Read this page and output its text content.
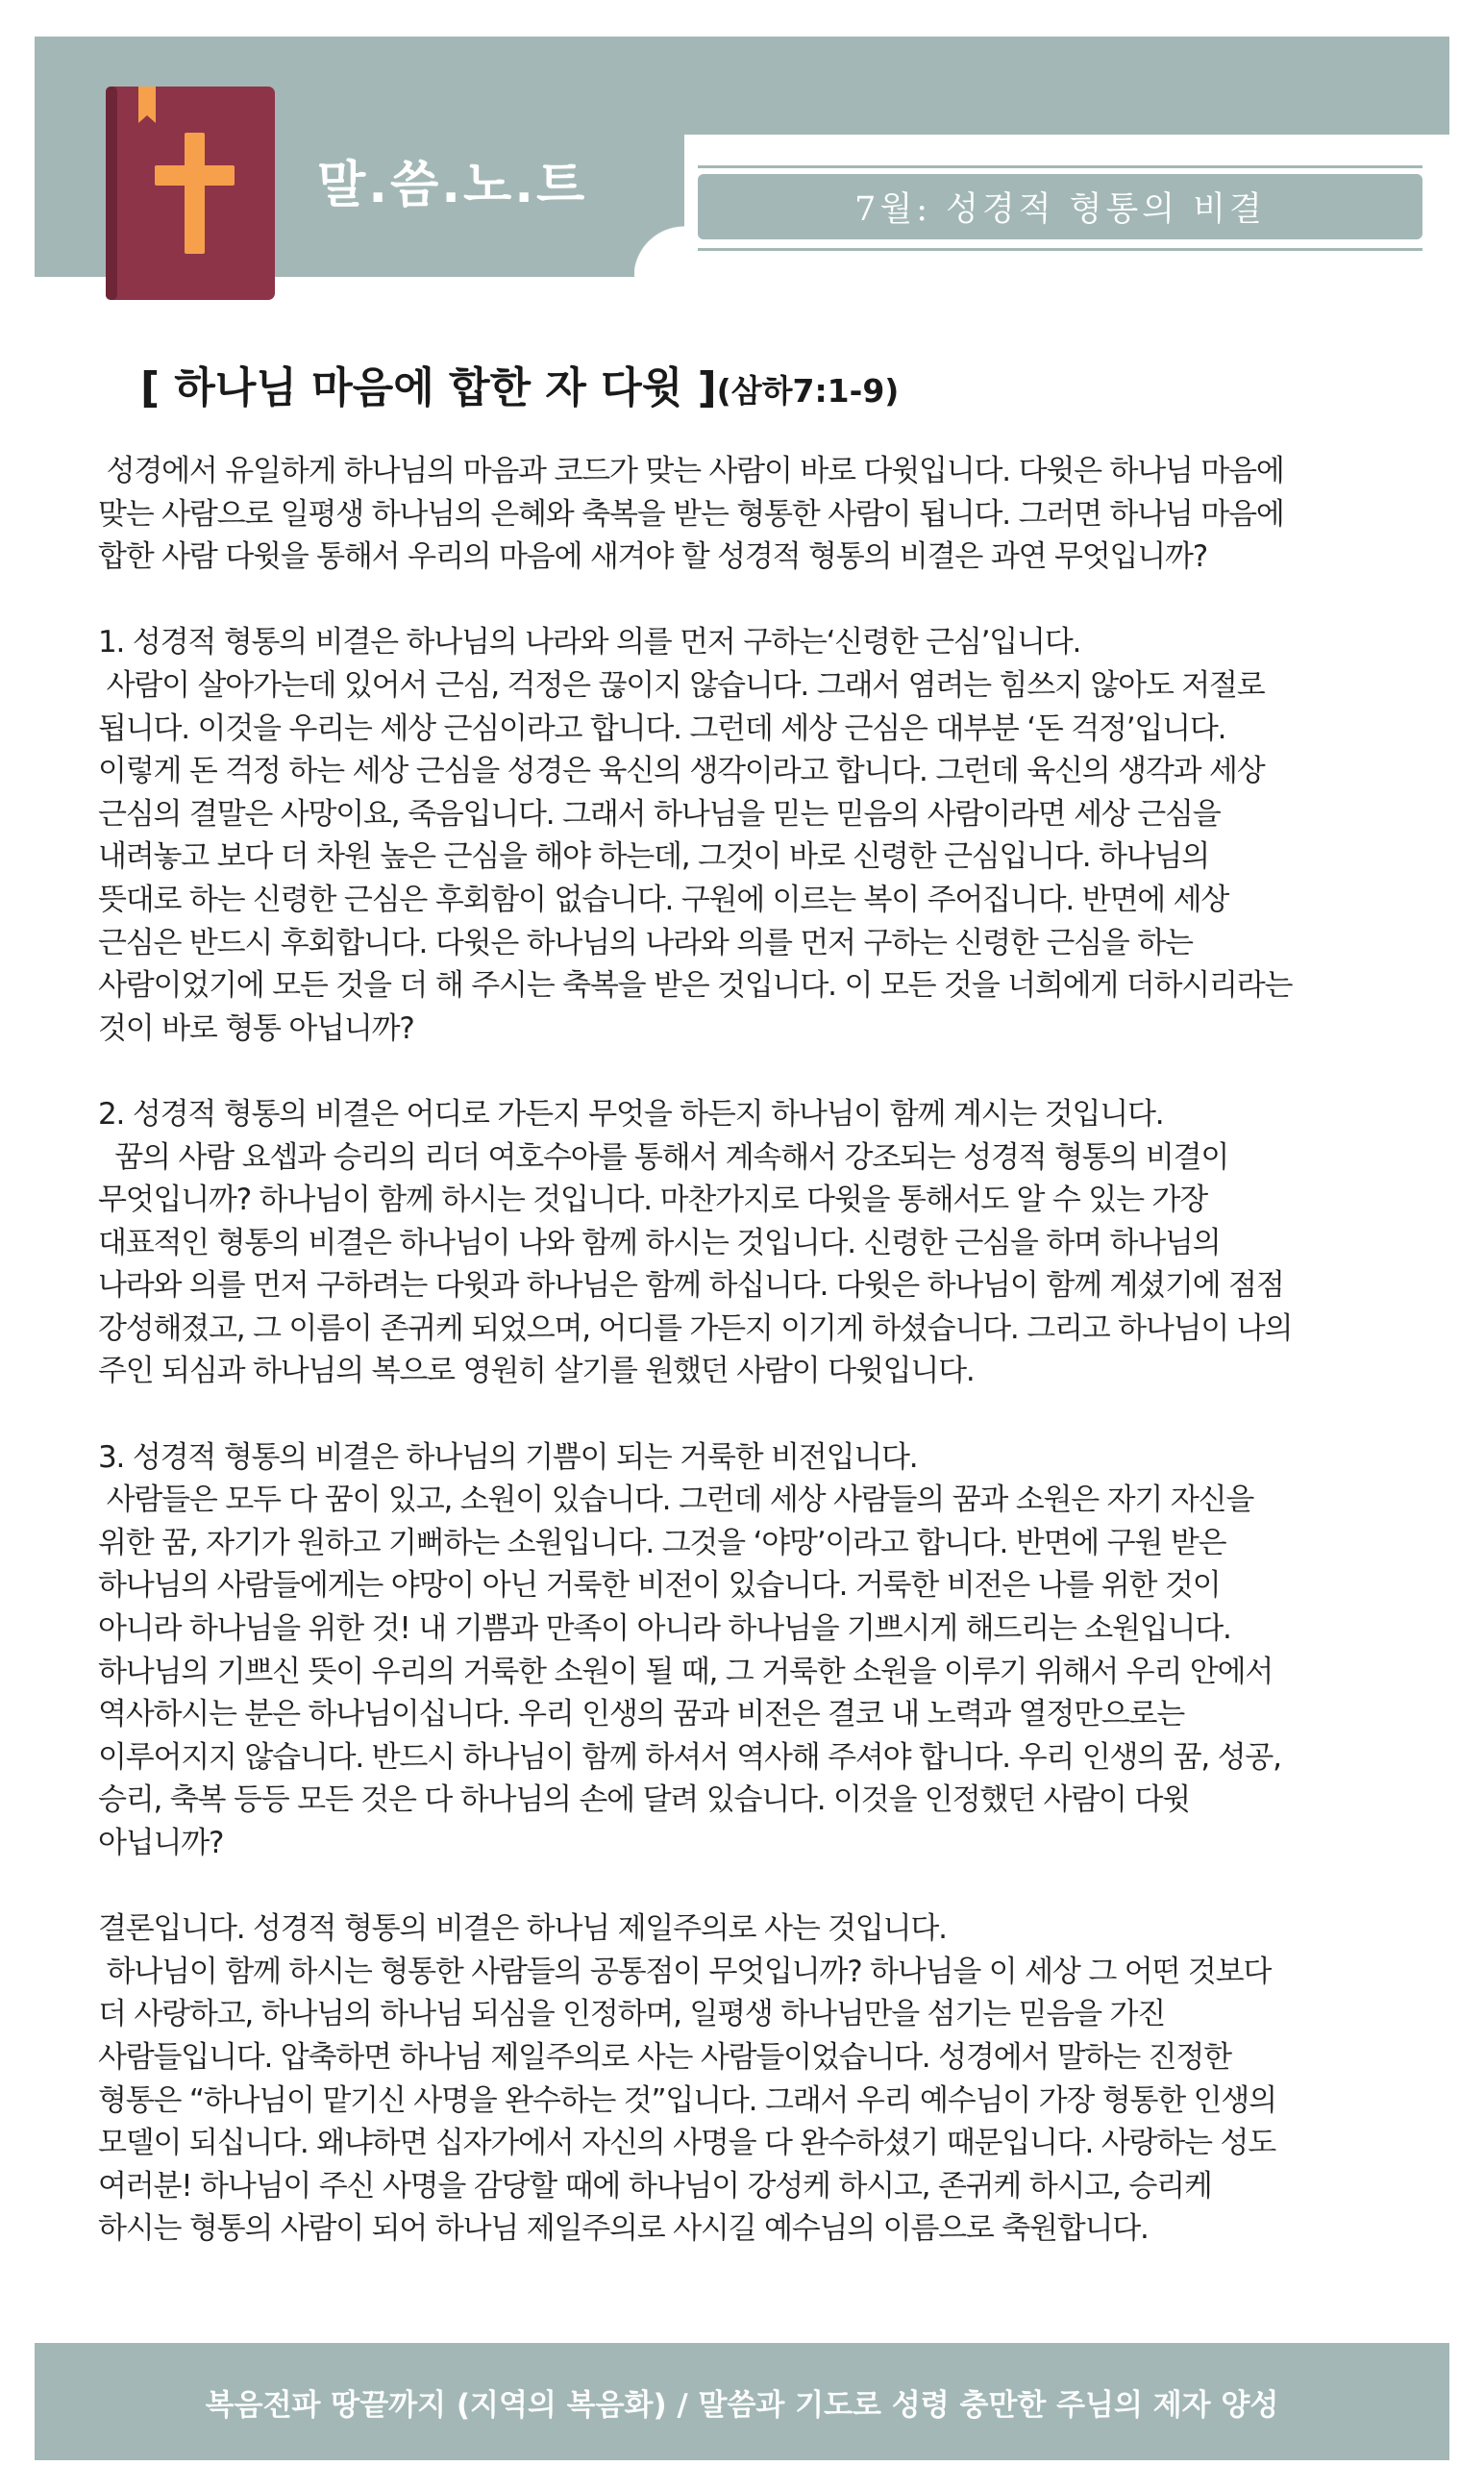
말.씀.노.트	7월: 성경적 형통의 비결
[ 하나님 마음에 합한 자 다윗 ](삼하7:1-9)
성경에서 유일하게 하나님의 마음과 코드가 맞는 사람이 바로 다윗입니다. 다윗은 하나님 마음에
맞는 사람으로 일평생 하나님의 은혜와 축복을 받는 형통한 사람이 됩니다. 그러면 하나님 마음에
합한 사람 다윗을 통해서 우리의 마음에 새겨야 할 성경적 형통의 비결은 과연 무엇입니까?
1. 성경적 형통의 비결은 하나님의 나라와 의를 먼저 구하는‘신령한 근심’입니다.
사람이 살아가는데 있어서 근심, 걱정은 끊이지 않습니다. 그래서 염려는 힘쓰지 않아도 저절로
됩니다. 이것을 우리는 세상 근심이라고 합니다. 그런데 세상 근심은 대부분 ‘돈 걱정’입니다.
이렇게 돈 걱정 하는 세상 근심을 성경은 육신의 생각이라고 합니다. 그런데 육신의 생각과 세상
근심의 결말은 사망이요, 죽음입니다. 그래서 하나님을 믿는 믿음의 사람이라면 세상 근심을
내려놓고 보다 더 차원 높은 근심을 해야 하는데, 그것이 바로 신령한 근심입니다. 하나님의
뜻대로 하는 신령한 근심은 후회함이 없습니다. 구원에 이르는 복이 주어집니다. 반면에 세상
근심은 반드시 후회합니다. 다윗은 하나님의 나라와 의를 먼저 구하는 신령한 근심을 하는
사람이었기에 모든 것을 더 해 주시는 축복을 받은 것입니다. 이 모든 것을 너희에게 더하시리라는
것이 바로 형통 아닙니까?
2. 성경적 형통의 비결은 어디로 가든지 무엇을 하든지 하나님이 함께 계시는 것입니다.
꿈의 사람 요셉과 승리의 리더 여호수아를 통해서 계속해서 강조되는 성경적 형통의 비결이
무엇입니까? 하나님이 함께 하시는 것입니다. 마찬가지로 다윗을 통해서도 알 수 있는 가장
대표적인 형통의 비결은 하나님이 나와 함께 하시는 것입니다. 신령한 근심을 하며 하나님의
나라와 의를 먼저 구하려는 다윗과 하나님은 함께 하십니다. 다윗은 하나님이 함께 계셨기에 점점
강성해졌고, 그 이름이 존귀케 되었으며, 어디를 가든지 이기게 하셨습니다. 그리고 하나님이 나의
주인 되심과 하나님의 복으로 영원히 살기를 원했던 사람이 다윗입니다.
3. 성경적 형통의 비결은 하나님의 기쁨이 되는 거룩한 비전입니다.
사람들은 모두 다 꿈이 있고, 소원이 있습니다. 그런데 세상 사람들의 꿈과 소원은 자기 자신을
위한 꿈, 자기가 원하고 기뻐하는 소원입니다. 그것을 ‘야망’이라고 합니다. 반면에 구원 받은
하나님의 사람들에게는 야망이 아닌 거룩한 비전이 있습니다. 거룩한 비전은 나를 위한 것이
아니라 하나님을 위한 것! 내 기쁨과 만족이 아니라 하나님을 기쁘시게 해드리는 소원입니다.
하나님의 기쁘신 뜻이 우리의 거룩한 소원이 될 때, 그 거룩한 소원을 이루기 위해서 우리 안에서
역사하시는 분은 하나님이십니다. 우리 인생의 꿈과 비전은 결코 내 노력과 열정만으로는
이루어지지 않습니다. 반드시 하나님이 함께 하셔서 역사해 주셔야 합니다. 우리 인생의 꿈, 성공,
승리, 축복 등등 모든 것은 다 하나님의 손에 달려 있습니다. 이것을 인정했던 사람이 다윗
아닙니까?
결론입니다. 성경적 형통의 비결은 하나님 제일주의로 사는 것입니다.
하나님이 함께 하시는 형통한 사람들의 공통점이 무엇입니까? 하나님을 이 세상 그 어떤 것보다
더 사랑하고, 하나님의 하나님 되심을 인정하며, 일평생 하나님만을 섬기는 믿음을 가진
사람들입니다. 압축하면 하나님 제일주의로 사는 사람들이었습니다. 성경에서 말하는 진정한
형통은 “하나님이 맡기신 사명을 완수하는 것”입니다. 그래서 우리 예수님이 가장 형통한 인생의
모델이 되십니다. 왜냐하면 십자가에서 자신의 사명을 다 완수하셨기 때문입니다. 사랑하는 성도
여러분! 하나님이 주신 사명을 감당할 때에 하나님이 강성케 하시고, 존귀케 하시고, 승리케
하시는 형통의 사람이 되어 하나님 제일주의로 사시길 예수님의 이름으로 축원합니다.
복음전파 땅끝까지 (지역의 복음화) / 말씀과 기도로 성령 충만한 주님의 제자 양성
